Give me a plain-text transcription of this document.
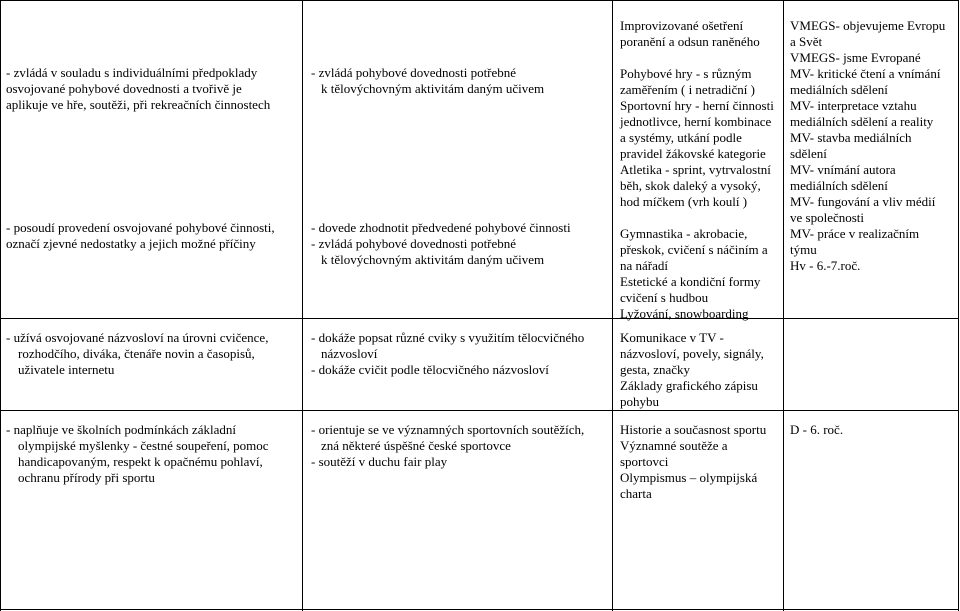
- zvládá v souladu s individuálními předpoklady
osvojované pohybové dovednosti a tvořivě je
aplikuje ve hře, soutěži, při rekreačních činnostech
- posoudí provedení osvojované pohybové činnosti,
označí zjevné nedostatky a jejich možné příčiny
- zvládá pohybové dovednosti potřebné
k tělovýchovným aktivitám daným učivem
- dovede zhodnotit předvedené pohybové činnosti
- zvládá pohybové dovednosti potřebné
k tělovýchovným aktivitám daným učivem
Improvizované ošetření
poranění a odsun raněného
Pohybové hry - s různým
zaměřením ( i netradiční )
Sportovní hry - herní činnosti
jednotlivce, herní kombinace
a systémy, utkání podle
pravidel žákovské kategorie
Atletika - sprint, vytrvalostní
běh, skok daleký a vysoký,
hod míčkem (vrh koulí )
Gymnastika - akrobacie,
přeskok, cvičení s náčiním a
na nářadí
Estetické a kondiční formy
cvičení s hudbou
Lyžování, snowboarding
VMEGS- objevujeme Evropu
a Svět
VMEGS- jsme Evropané
MV- kritické čtení a vnímání
mediálních sdělení
MV- interpretace vztahu
mediálních sdělení a reality
MV- stavba mediálních
sdělení
MV- vnímání autora
mediálních sdělení
MV- fungování a vliv médií
ve společnosti
MV- práce v realizačním
týmu
Hv - 6.-7.roč.
- užívá osvojované názvosloví na úrovni cvičence,
rozhodčího, diváka, čtenáře novin a časopisů,
uživatele internetu
- dokáže popsat různé cviky s využitím tělocvičného
názvosloví
- dokáže cvičit podle tělocvičného názvosloví
Komunikace v TV -
názvosloví, povely, signály,
gesta, značky
Základy grafického zápisu
pohybu
- naplňuje ve školních podmínkách základní
olympijské myšlenky - čestné soupeření, pomoc
handicapovaným, respekt k opačnému pohlaví,
ochranu přírody při sportu
- orientuje se ve významných sportovních soutěžích,
zná některé úspěšné české sportovce
- soutěží v duchu fair play
Historie a současnost sportu
Významné soutěže a
sportovci
Olympismus – olympijská
charta
D - 6. roč.
